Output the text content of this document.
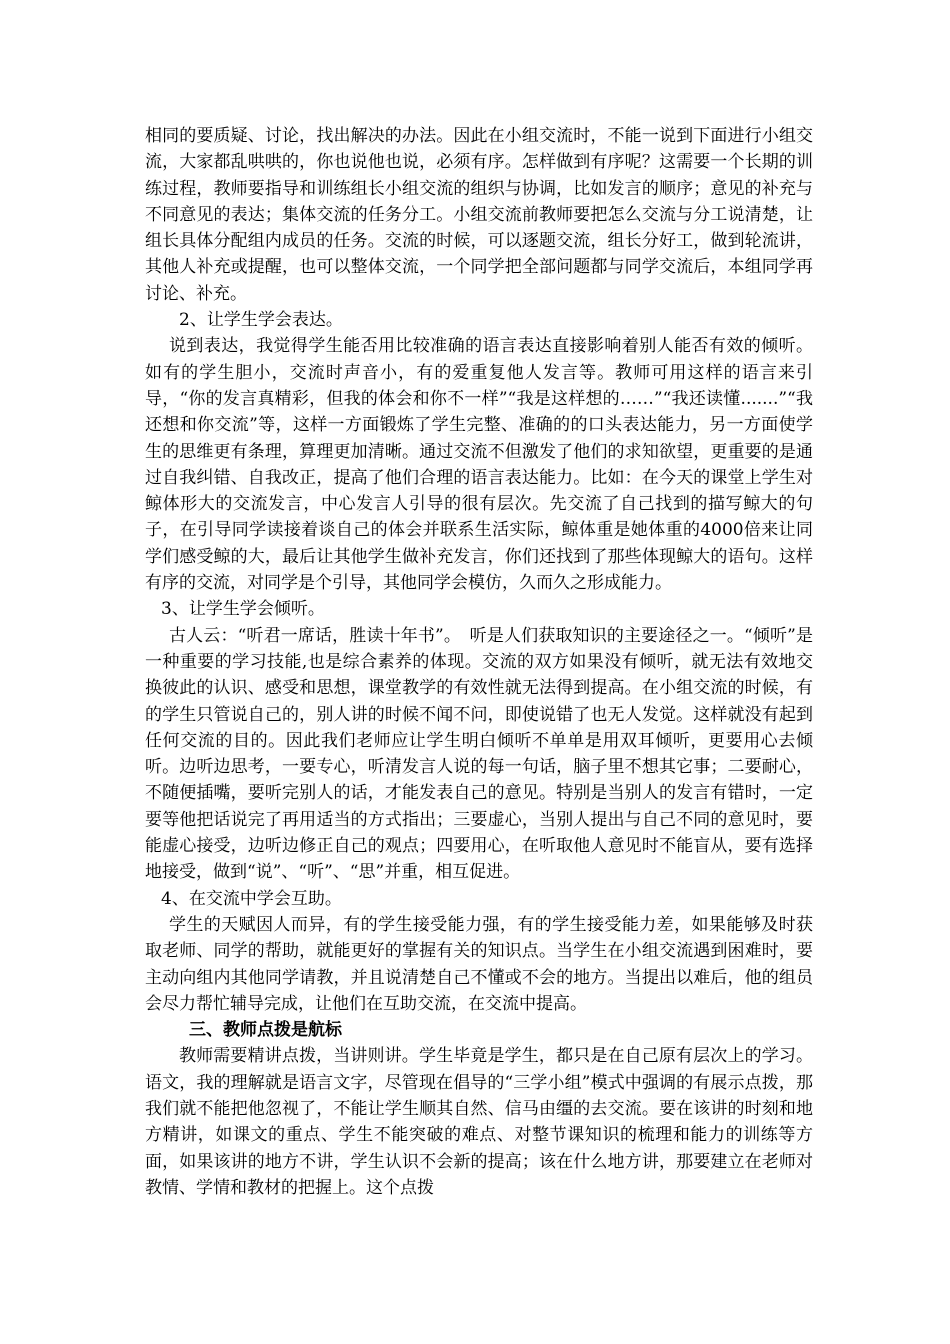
相同的要质疑、讨论，找出解决的办法。因此在小组交流时，不能一说到下面进行小组交流，大家都乱哄哄的，你也说他也说，必须有序。怎样做到有序呢？这需要一个长期的训练过程，教师要指导和训练组长小组交流的组织与协调，比如发言的顺序；意见的补充与不同意见的表达；集体交流的任务分工。小组交流前教师要把怎么交流与分工说清楚，让组长具体分配组内成员的任务。交流的时候，可以逐题交流，组长分好工，做到轮流讲，其他人补充或提醒，也可以整体交流，一个同学把全部问题都与同学交流后，本组同学再讨论、补充。

2、让学生学会表达。

说到表达，我觉得学生能否用比较准确的语言表达直接影响着别人能否有效的倾听。如有的学生胆小，交流时声音小，有的爱重复他人发言等。教师可用这样的语言来引导，“你的发言真精彩，但我的体会和你不一样”“我是这样想的……”“我还读懂.......”“我还想和你交流”等，这样一方面锻炼了学生完整、准确的的口头表达能力，另一方面使学生的思维更有条理，算理更加清晰。通过交流不但激发了他们的求知欲望，更重要的是通过自我纠错、自我改正，提高了他们合理的语言表达能力。比如：在今天的课堂上学生对鲸体形大的交流发言，中心发言人引导的很有层次。先交流了自己找到的描写鲸大的句子，在引导同学读接着谈自己的体会并联系生活实际，鲸体重是她体重的4000倍来让同学们感受鲸的大，最后让其他学生做补充发言，你们还找到了那些体现鲸大的语句。这样有序的交流，对同学是个引导，其他同学会模仿，久而久之形成能力。

3、让学生学会倾听。

古人云：“听君一席话，胜读十年书”。　听是人们获取知识的主要途径之一。“倾听”是一种重要的学习技能,也是综合素养的体现。交流的双方如果没有倾听，就无法有效地交换彼此的认识、感受和思想，课堂教学的有效性就无法得到提高。在小组交流的时候，有的学生只管说自己的，别人讲的时候不闻不问，即使说错了也无人发觉。这样就没有起到任何交流的目的。因此我们老师应让学生明白倾听不单单是用双耳倾听，更要用心去倾听。边听边思考，一要专心，听清发言人说的每一句话，脑子里不想其它事；二要耐心，不随便插嘴，要听完别人的话，才能发表自己的意见。特别是当别人的发言有错时，一定要等他把话说完了再用适当的方式指出；三要虚心，当别人提出与自己不同的意见时，要能虚心接受，边听边修正自己的观点；四要用心，在听取他人意见时不能盲从，要有选择地接受，做到“说”、“听”、“思”并重，相互促进。

4、在交流中学会互助。

学生的天赋因人而异，有的学生接受能力强，有的学生接受能力差，如果能够及时获取老师、同学的帮助，就能更好的掌握有关的知识点。当学生在小组交流遇到困难时，要主动向组内其他同学请教，并且说清楚自己不懂或不会的地方。当提出以难后，他的组员会尽力帮忙辅导完成，让他们在互助交流，在交流中提高。

三、教师点拨是航标

教师需要精讲点拨，当讲则讲。学生毕竟是学生，都只是在自己原有层次上的学习。语文，我的理解就是语言文字，尽管现在倡导的“三学小组”模式中强调的有展示点拨，那我们就不能把他忽视了，不能让学生顺其自然、信马由缰的去交流。要在该讲的时刻和地方精讲，如课文的重点、学生不能突破的难点、对整节课知识的梳理和能力的训练等方面，如果该讲的地方不讲，学生认识不会新的提高；该在什么地方讲，那要建立在老师对教情、学情和教材的把握上。这个点拨
